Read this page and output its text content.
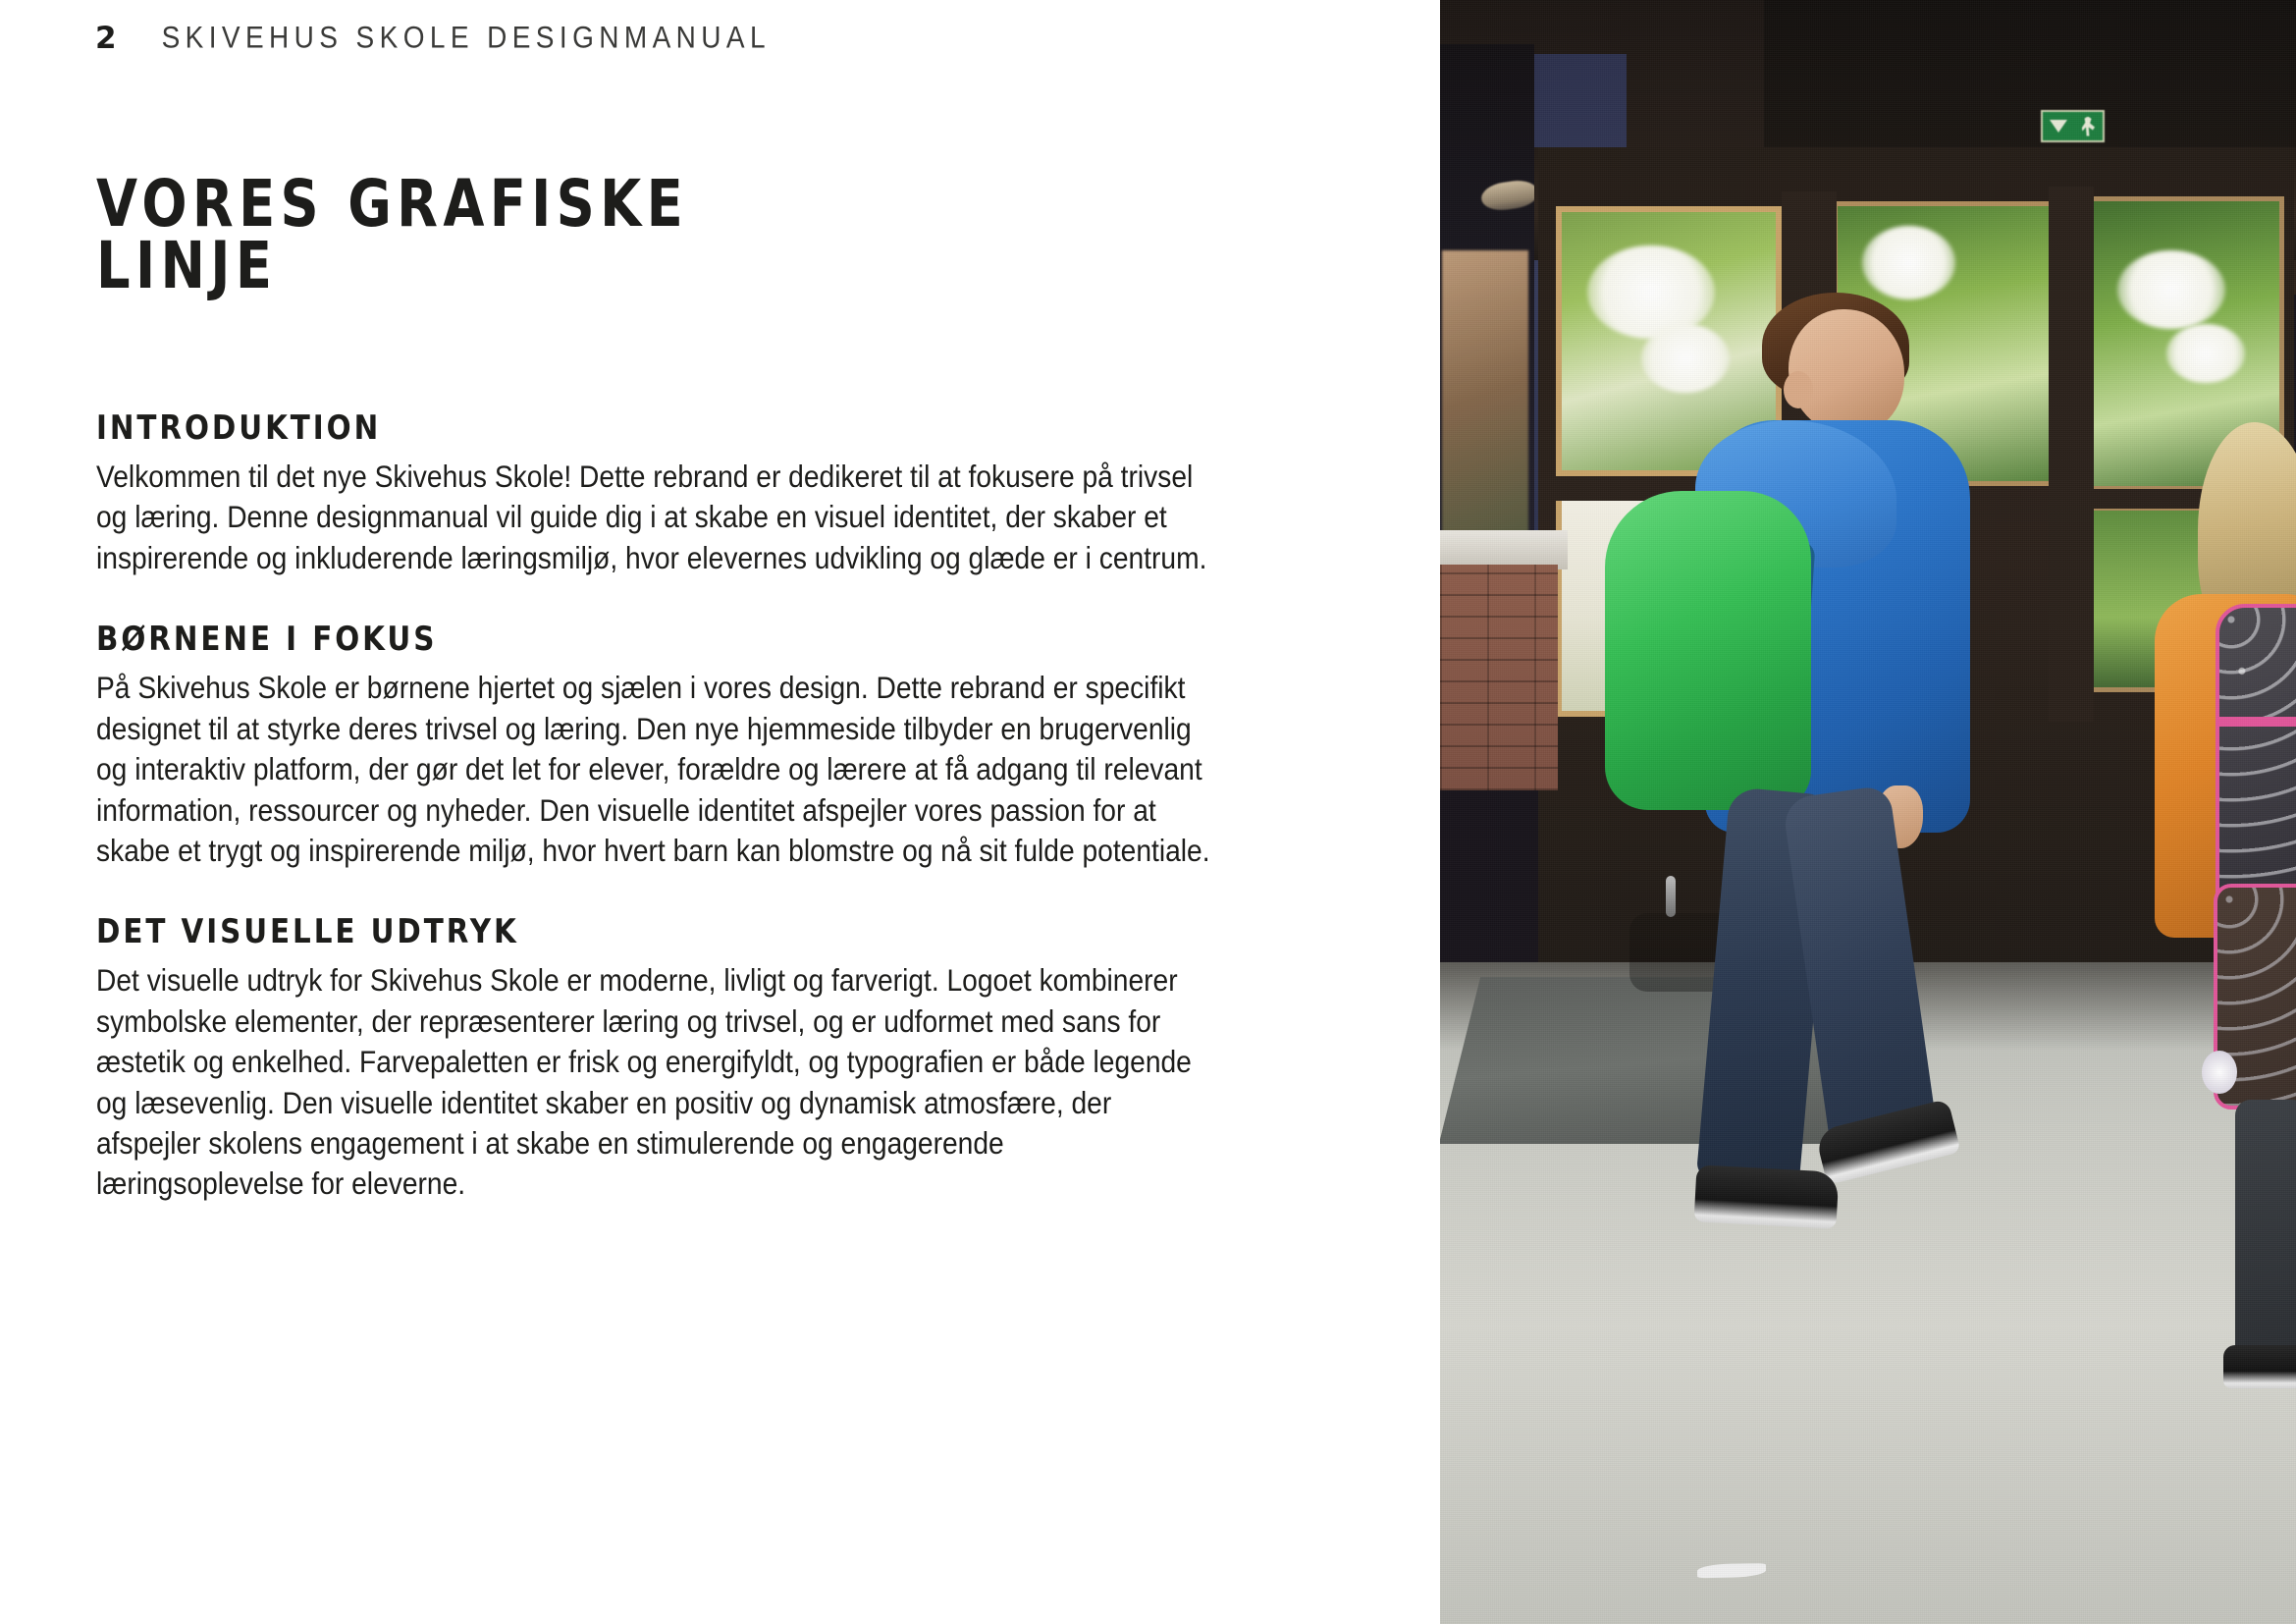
2 SKIVEHUS SKOLE DESIGNMANUAL
VORES GRAFISKE
LINJE
INTRODUKTION
Velkommen til det nye Skivehus Skole! Dette rebrand er dedikeret til at fokusere på trivsel og læring. Denne designmanual vil guide dig i at skabe en visuel identitet, der skaber et inspirerende og inkluderende læringsmiljø, hvor elevernes udvikling og glæde er i centrum.
BØRNENE I FOKUS
På Skivehus Skole er børnene hjertet og sjælen i vores design. Dette rebrand er specifikt designet til at styrke deres trivsel og læring. Den nye hjemmeside tilbyder en brugervenlig og interaktiv platform, der gør det let for elever, forældre og lærere at få adgang til relevant information, ressourcer og nyheder. Den visuelle identitet afspejler vores passion for at skabe et trygt og inspirerende miljø, hvor hvert barn kan blomstre og nå sit fulde potentiale.
DET VISUELLE UDTRYK
Det visuelle udtryk for Skivehus Skole er moderne, livligt og farverigt. Logoet kombinerer symbolske elementer, der repræsenterer læring og trivsel, og er udformet med sans for æstetik og enkelhed. Farvepaletten er frisk og energifyldt, og typografien er både legende og læsevenlig. Den visuelle identitet skaber en positiv og dynamisk atmosfære, der afspejler skolens engagement i at skabe en stimulerende og engagerende læringsoplevelse for eleverne.
